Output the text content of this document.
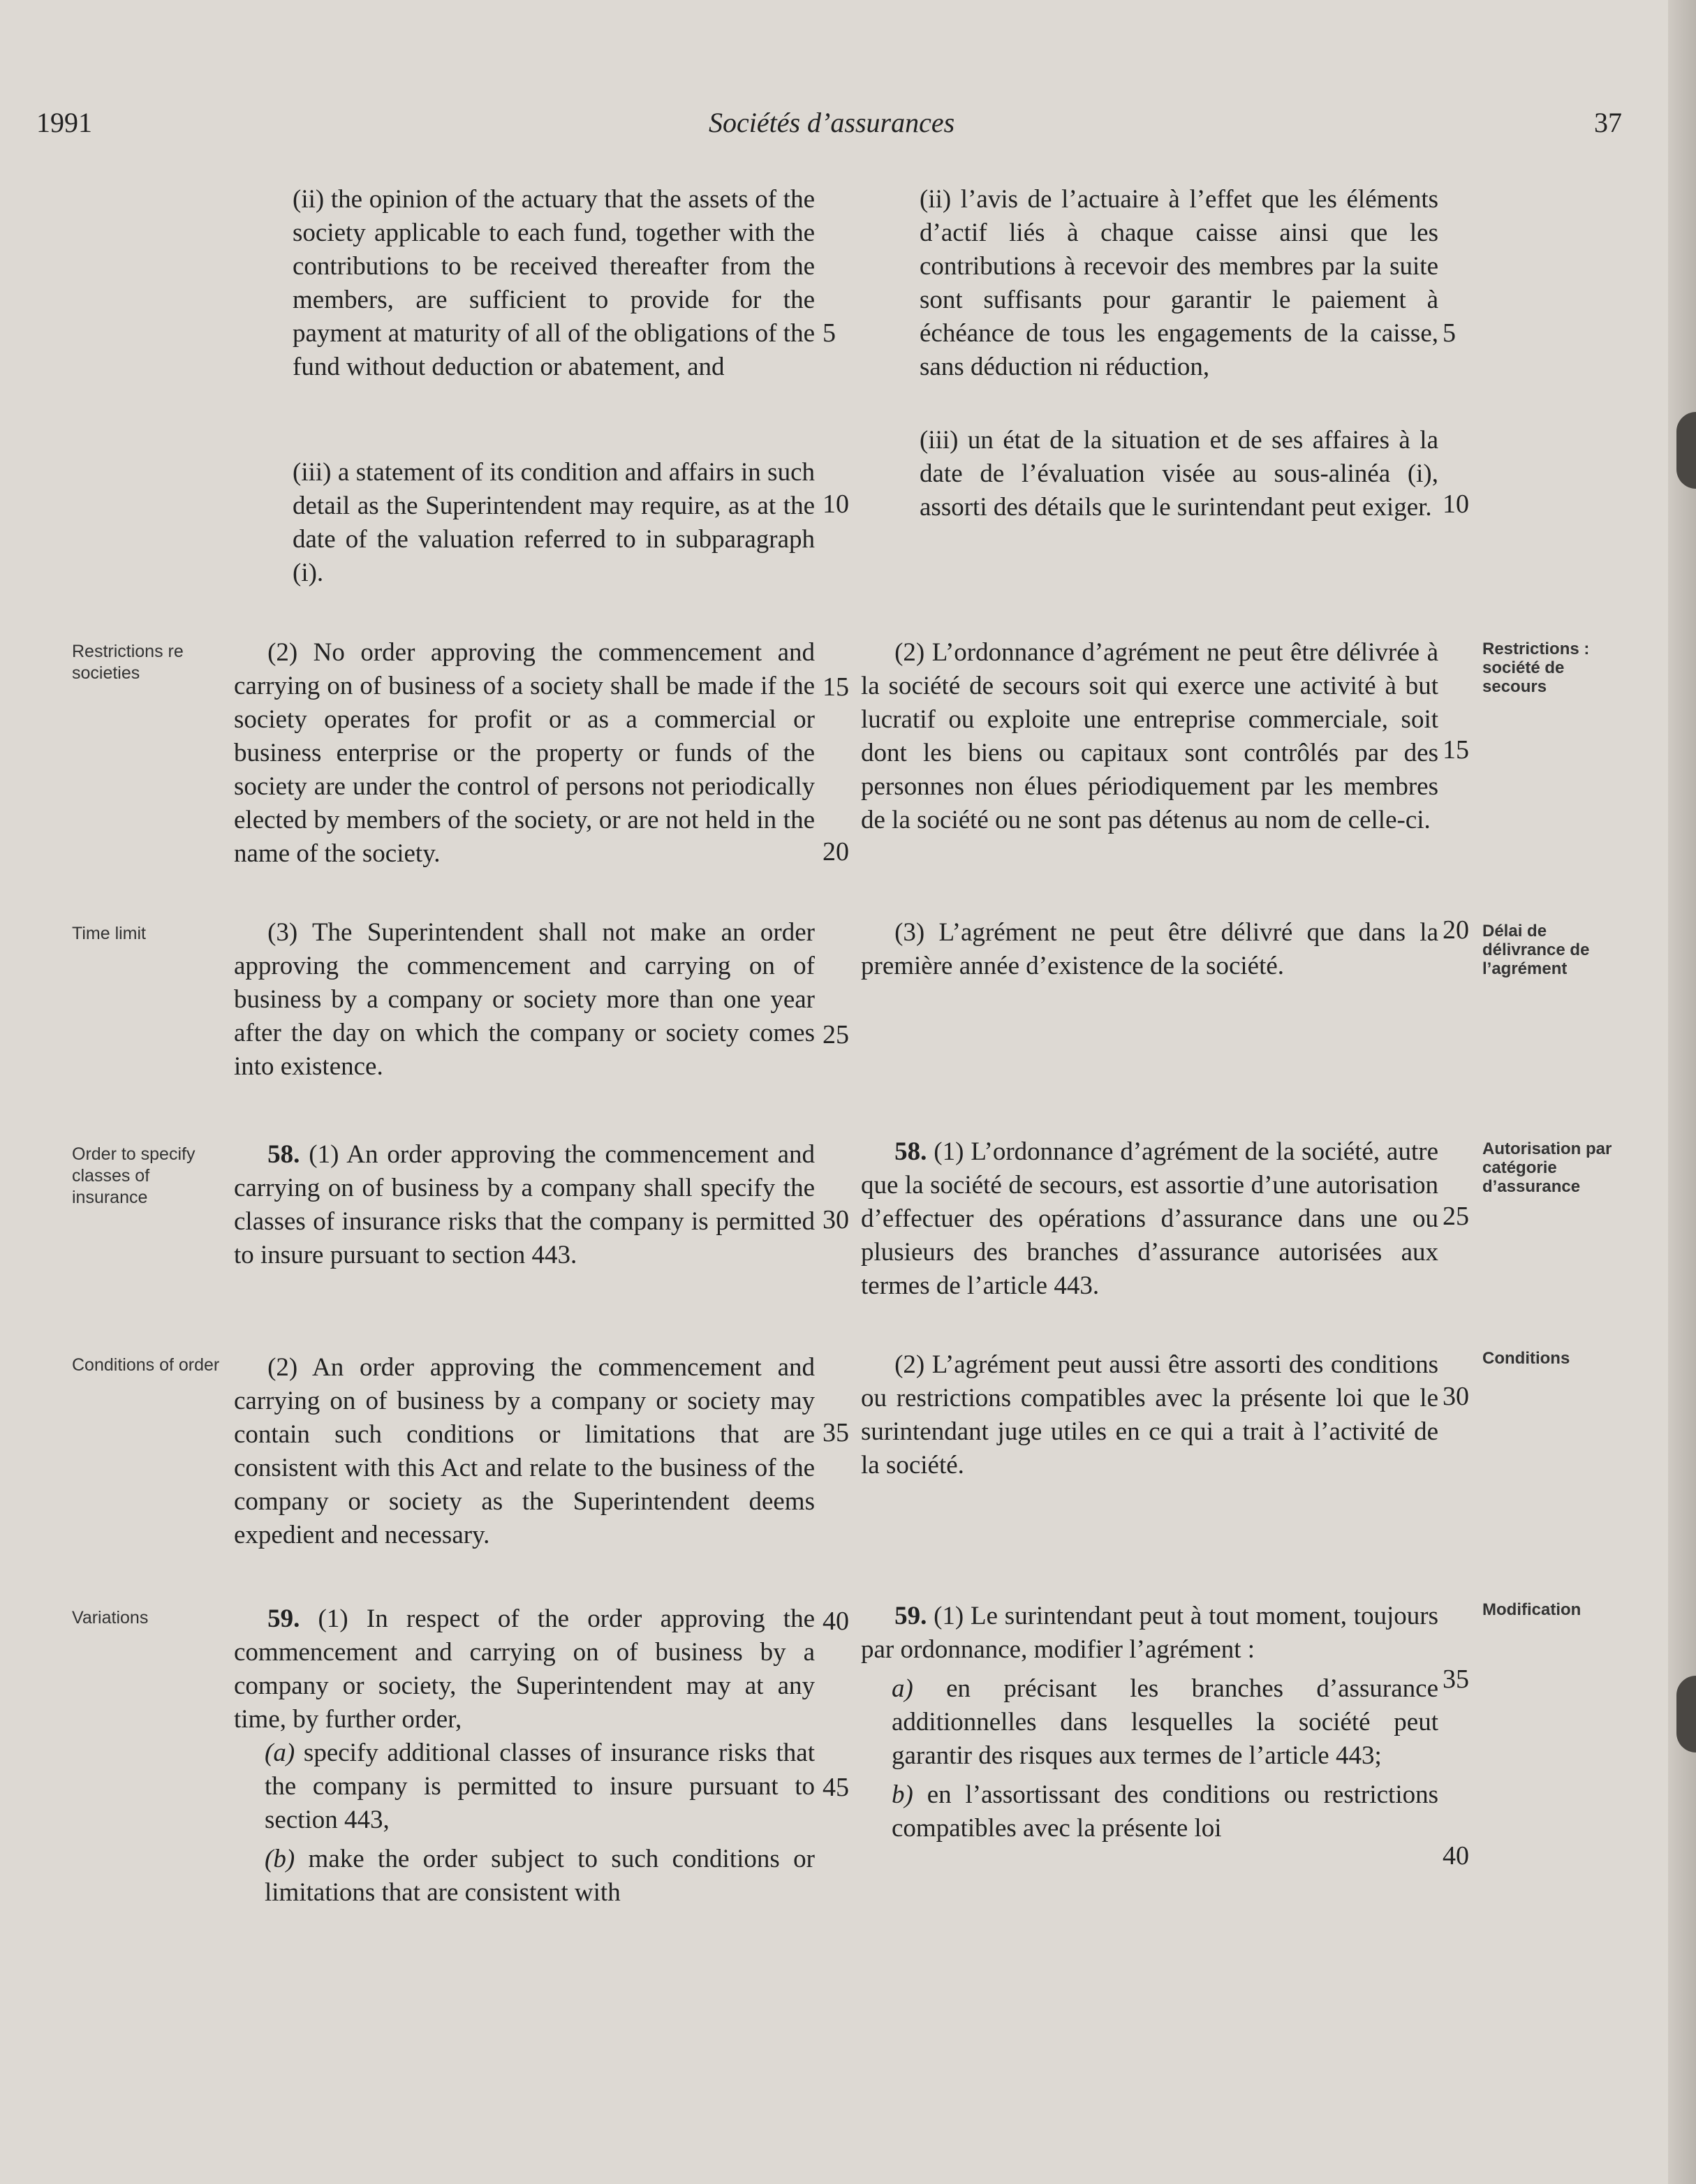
1991	Sociétés d’assurances	37

(ii) the opinion of the actuary that the assets of the society applicable to each fund, together with the contributions to be received thereafter from the members, are sufficient to provide for the payment at maturity of all of the obligations of the fund without deduction or abatement, and

(iii) a statement of its condition and affairs in such detail as the Superintendent may require, as at the date of the valuation referred to in subparagraph (i).

(2) No order approving the commencement and carrying on of business of a society shall be made if the society operates for profit or as a commercial or business enterprise or the property or funds of the society are under the control of persons not periodically elected by members of the society, or are not held in the name of the society.

(3) The Superintendent shall not make an order approving the commencement and carrying on of business by a company or society more than one year after the day on which the company or society comes into existence.

58. (1) An order approving the commencement and carrying on of business by a company shall specify the classes of insurance risks that the company is permitted to insure pursuant to section 443.

(2) An order approving the commencement and carrying on of business by a company or society may contain such conditions or limitations that are consistent with this Act and relate to the business of the company or society as the Superintendent deems expedient and necessary.

59. (1) In respect of the order approving the commencement and carrying on of business by a company or society, the Superintendent may at any time, by further order,

(a) specify additional classes of insurance risks that the company is permitted to insure pursuant to section 443,

(b) make the order subject to such conditions or limitations that are consistent with

(ii) l’avis de l’actuaire à l’effet que les éléments d’actif liés à chaque caisse ainsi que les contributions à recevoir des membres par la suite sont suffisants pour garantir le paiement à échéance de tous les engagements de la caisse, sans déduction ni réduction,

(iii) un état de la situation et de ses affaires à la date de l’évaluation visée au sous-alinéa (i), assorti des détails que le surintendant peut exiger.

(2) L’ordonnance d’agrément ne peut être délivrée à la société de secours soit qui exerce une activité à but lucratif ou exploite une entreprise commerciale, soit dont les biens ou capitaux sont contrôlés par des personnes non élues périodiquement par les membres de la société ou ne sont pas détenus au nom de celle-ci.

(3) L’agrément ne peut être délivré que dans la première année d’existence de la société.

58. (1) L’ordonnance d’agrément de la société, autre que la société de secours, est assortie d’une autorisation d’effectuer des opérations d’assurance dans une ou plusieurs des branches d’assurance autorisées aux termes de l’article 443.

(2) L’agrément peut aussi être assorti des conditions ou restrictions compatibles avec la présente loi que le surintendant juge utiles en ce qui a trait à l’activité de la société.

59. (1) Le surintendant peut à tout moment, toujours par ordonnance, modifier l’agrément :

a) en précisant les branches d’assurance additionnelles dans lesquelles la société peut garantir des risques aux termes de l’article 443;

b) en l’assortissant des conditions ou restrictions compatibles avec la présente loi

Restrictions re societies
Time limit
Order to specify classes of insurance
Conditions of order
Variations
Restrictions : société de secours
Délai de délivrance de l’agrément
Autorisation par catégorie d’assurance
Conditions
Modification
5
10
15
20
25
30
35
40
45
5
10
15
20
25
30
35
40
